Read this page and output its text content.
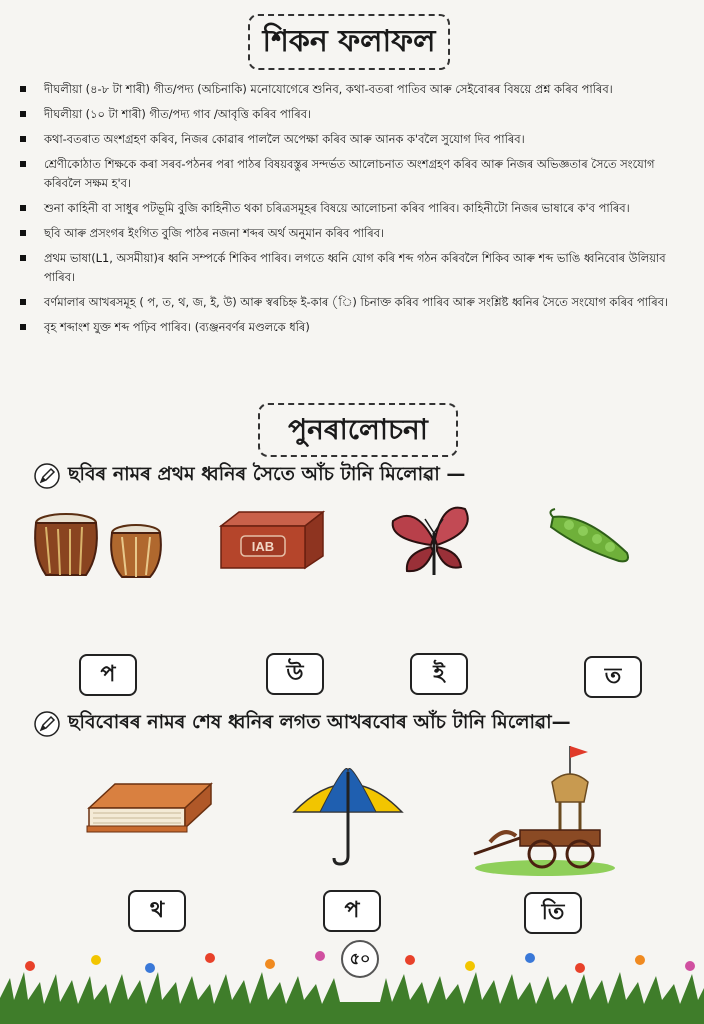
শিকন ফলাফল
দীঘলীয়া (৪-৮ টা শাৰী) গীত/পদ্য (অচিনাকি) মনোযোগেৰে শুনিব, কথা-বতৰা পাতিব আৰু সেইবোৰৰ বিষয়ে প্ৰশ্ন কৰিব পাৰিব।
দীঘলীয়া (১০ টা শাৰী) গীত/পদ্য গাব /আবৃত্তি কৰিব পাৰিব।
কথা-বতৰাত অংশগ্ৰহণ কৰিব, নিজৰ কোৱাৰ পাললৈ অপেক্ষা কৰিব আৰু আনক ক'বলৈ সুযোগ দিব পাৰিব।
শ্ৰেণীকোঠাত শিক্ষকে কৰা সৰব-পঠনৰ পৰা পাঠৰ বিষয়বস্তুৰ সন্দৰ্ভত আলোচনাত অংশগ্ৰহণ কৰিব আৰু নিজৰ অভিজ্ঞতাৰ সৈতে সংযোগ কৰিবলৈ সক্ষম হ'ব।
শুনা কাহিনী বা সাধুৰ পটভূমি বুজি কাহিনীত থকা চৰিত্ৰসমূহৰ বিষয়ে আলোচনা কৰিব পাৰিব। কাহিনীটো নিজৰ ভাষাৰে ক'ব পাৰিব।
ছবি আৰু প্ৰসংগৰ ইংগিত বুজি পাঠৰ নজনা শব্দৰ অৰ্থ অনুমান কৰিব পাৰিব।
প্ৰথম ভাষা(L1, অসমীয়া)ৰ ধ্বনি সম্পৰ্কে শিকিব পাৰিব। লগতে ধ্বনি যোগ কৰি শব্দ গঠন কৰিবলৈ শিকিব আৰু শব্দ ভাঙি ধ্বনিবোৰ উলিয়াব পাৰিব।
বৰ্ণমালাৰ আখৰসমূহ ( প, ত, থ, জ, ই, উ) আৰু স্বৰচিহ্ন ই-কাৰ (ি) চিনাক্ত কৰিব পাৰিব আৰু সংশ্লিষ্ট ধ্বনিৰ সৈতে সংযোগ কৰিব পাৰিব।
বৃহ শব্দাংশ যুক্ত শব্দ পঢ়িব পাৰিব। (ব্যঞ্জনবৰ্ণৰ মণ্ডলকে ধৰি)
পুনৰালোচনা
ছবিৰ নামৰ প্ৰথম ধ্বনিৰ সৈতে আঁচ টানি মিলোৱা —
IAB
প	উ	ই	ত
ছবিবোৰৰ নামৰ শেষ ধ্বনিৰ লগত আখৰবোৰ আঁচ টানি মিলোৱা—
থ	প	তি
৫০
